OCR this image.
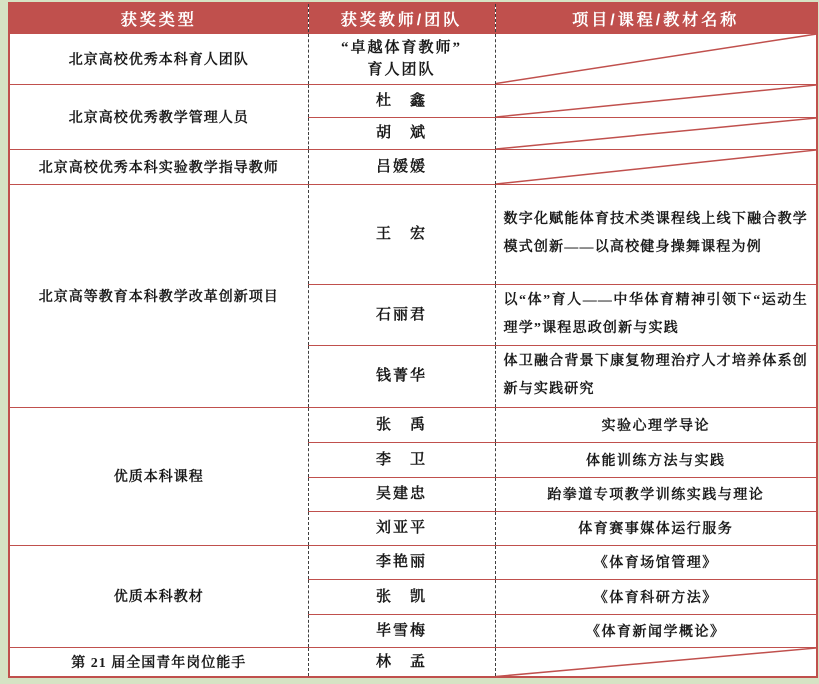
获奖类型	获奖教师/团队	项目/课程/教材名称
北京高校优秀本科育人团队	“卓越体育教师”
育人团队

北京高校优秀教学管理人员	杜　鑫	

	胡　斌	

北京高校优秀本科实验教学指导教师	吕媛媛	

北京高等教育本科教学改革创新项目	王　宏	数字化赋能体育技术类课程线上线下融合教学模式创新——以高校健身操舞课程为例
	石丽君	以“体”育人——中华体育精神引领下“运动生理学”课程思政创新与实践
	钱菁华	体卫融合背景下康复物理治疗人才培养体系创新与实践研究
优质本科课程	张　禹	实验心理学导论
	李　卫	体能训练方法与实践
	吴建忠	跆拳道专项教学训练实践与理论
	刘亚平	体育赛事媒体运行服务
优质本科教材	李艳丽	《体育场馆管理》
	张　凯	《体育科研方法》
	毕雪梅	《体育新闻学概论》
第 21 届全国青年岗位能手	林　孟	
